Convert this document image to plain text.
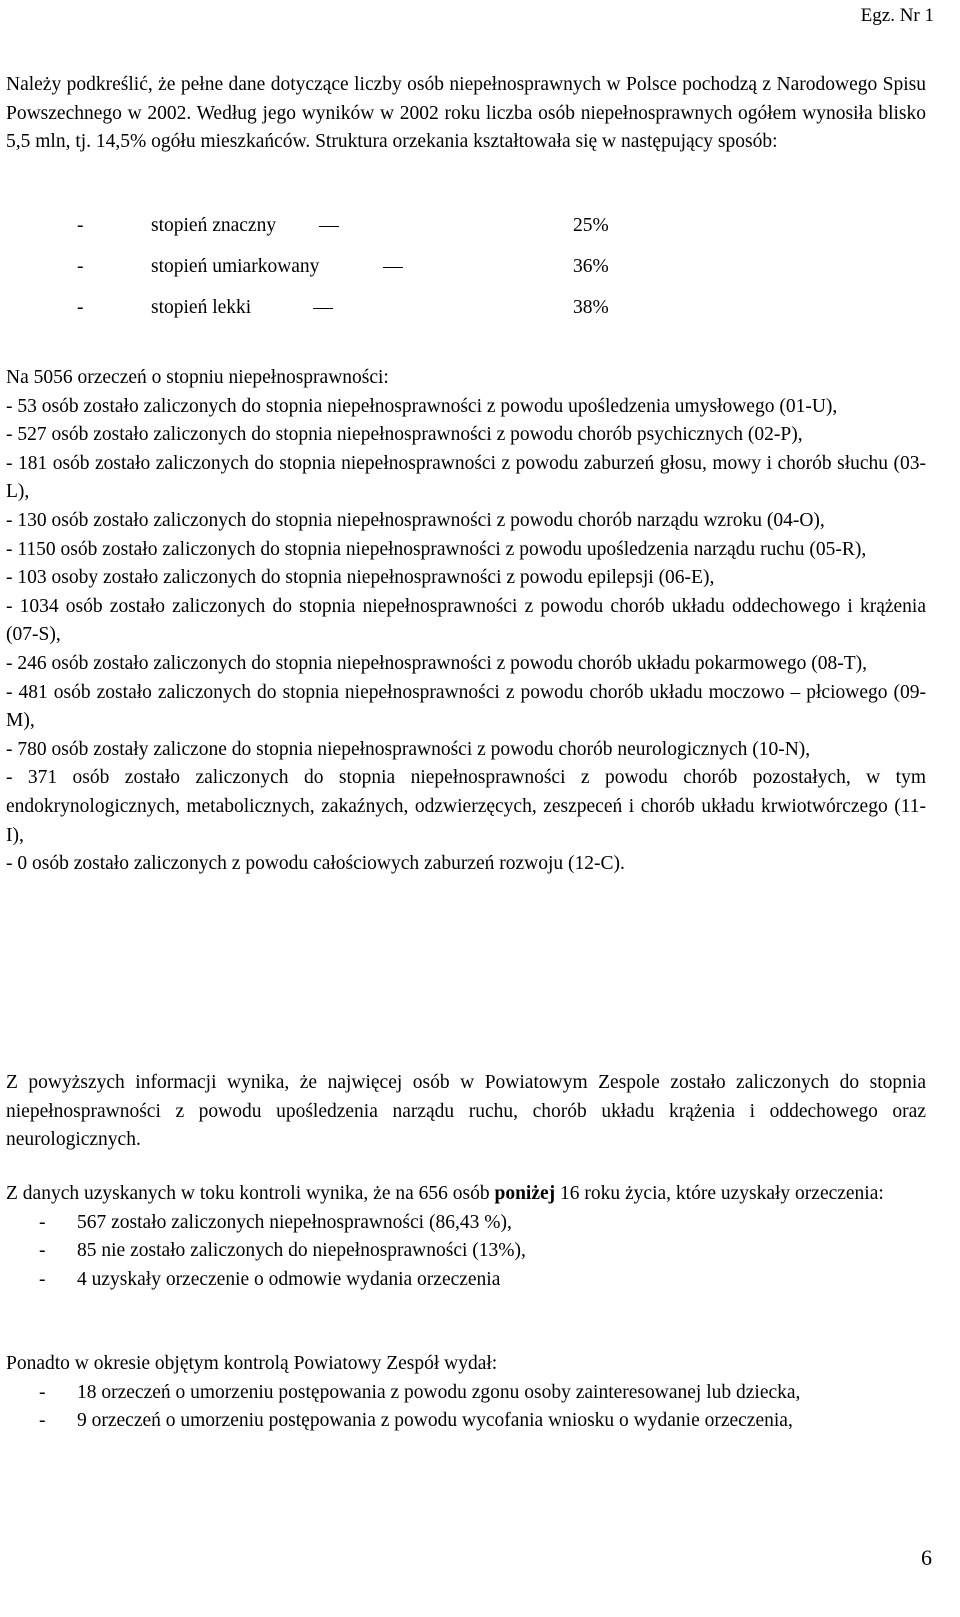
Egz. Nr 1

Należy podkreślić, że pełne dane dotyczące liczby osób niepełnosprawnych w Polsce pochodzą z Narodowego Spisu Powszechnego w 2002. Według jego wyników w 2002 roku liczba osób niepełnosprawnych ogółem wynosiła blisko 5,5 mln, tj. 14,5% ogółu mieszkańców. Struktura orzekania kształtowała się w następujący sposób:

-	stopień znaczny	25%
-	stopień umiarkowany	36%
-	stopień lekki	38%

Na 5056 orzeczeń o stopniu niepełnosprawności:

- 53 osób zostało zaliczonych do stopnia niepełnosprawności z powodu upośledzenia umysłowego (01-U),

- 527 osób zostało zaliczonych do stopnia niepełnosprawności z powodu chorób psychicznych (02-P),

- 181 osób zostało zaliczonych do stopnia niepełnosprawności z powodu zaburzeń głosu, mowy i chorób słuchu (03-L),

- 130 osób zostało zaliczonych do stopnia niepełnosprawności z powodu chorób narządu wzroku (04-O),

- 1150 osób zostało zaliczonych do stopnia niepełnosprawności z powodu upośledzenia narządu ruchu (05-R),

- 103 osoby zostało zaliczonych do stopnia niepełnosprawności z powodu epilepsji (06-E),

- 1034 osób zostało zaliczonych do stopnia niepełnosprawności z powodu chorób układu oddechowego i krążenia (07-S),

- 246 osób zostało zaliczonych do stopnia niepełnosprawności z powodu chorób układu pokarmowego (08-T),

- 481 osób zostało zaliczonych do stopnia niepełnosprawności z powodu chorób układu moczowo – płciowego (09-M),

- 780 osób zostały zaliczone do stopnia niepełnosprawności z powodu chorób neurologicznych (10-N),

- 371 osób zostało zaliczonych do stopnia niepełnosprawności z powodu chorób pozostałych, w tym endokrynologicznych, metabolicznych, zakaźnych, odzwierzęcych, zeszpeceń i chorób układu krwiotwórczego (11-I),

- 0 osób zostało zaliczonych z powodu całościowych zaburzeń rozwoju (12-C).

Z powyższych informacji wynika, że najwięcej osób w Powiatowym Zespole zostało zaliczonych do stopnia niepełnosprawności z powodu upośledzenia narządu ruchu, chorób układu krążenia i oddechowego oraz neurologicznych.

Z danych uzyskanych w toku kontroli wynika, że na 656 osób poniżej 16 roku życia, które uzyskały orzeczenia:

- 567 zostało zaliczonych niepełnosprawności (86,43 %),
- 85 nie zostało zaliczonych do niepełnosprawności (13%),
- 4 uzyskały orzeczenie o odmowie wydania orzeczenia

Ponadto w okresie objętym kontrolą Powiatowy Zespół wydał:

- 18 orzeczeń o umorzeniu postępowania z powodu zgonu osoby zainteresowanej lub dziecka,
- 9 orzeczeń o umorzeniu postępowania z powodu wycofania wniosku o wydanie orzeczenia,
6
